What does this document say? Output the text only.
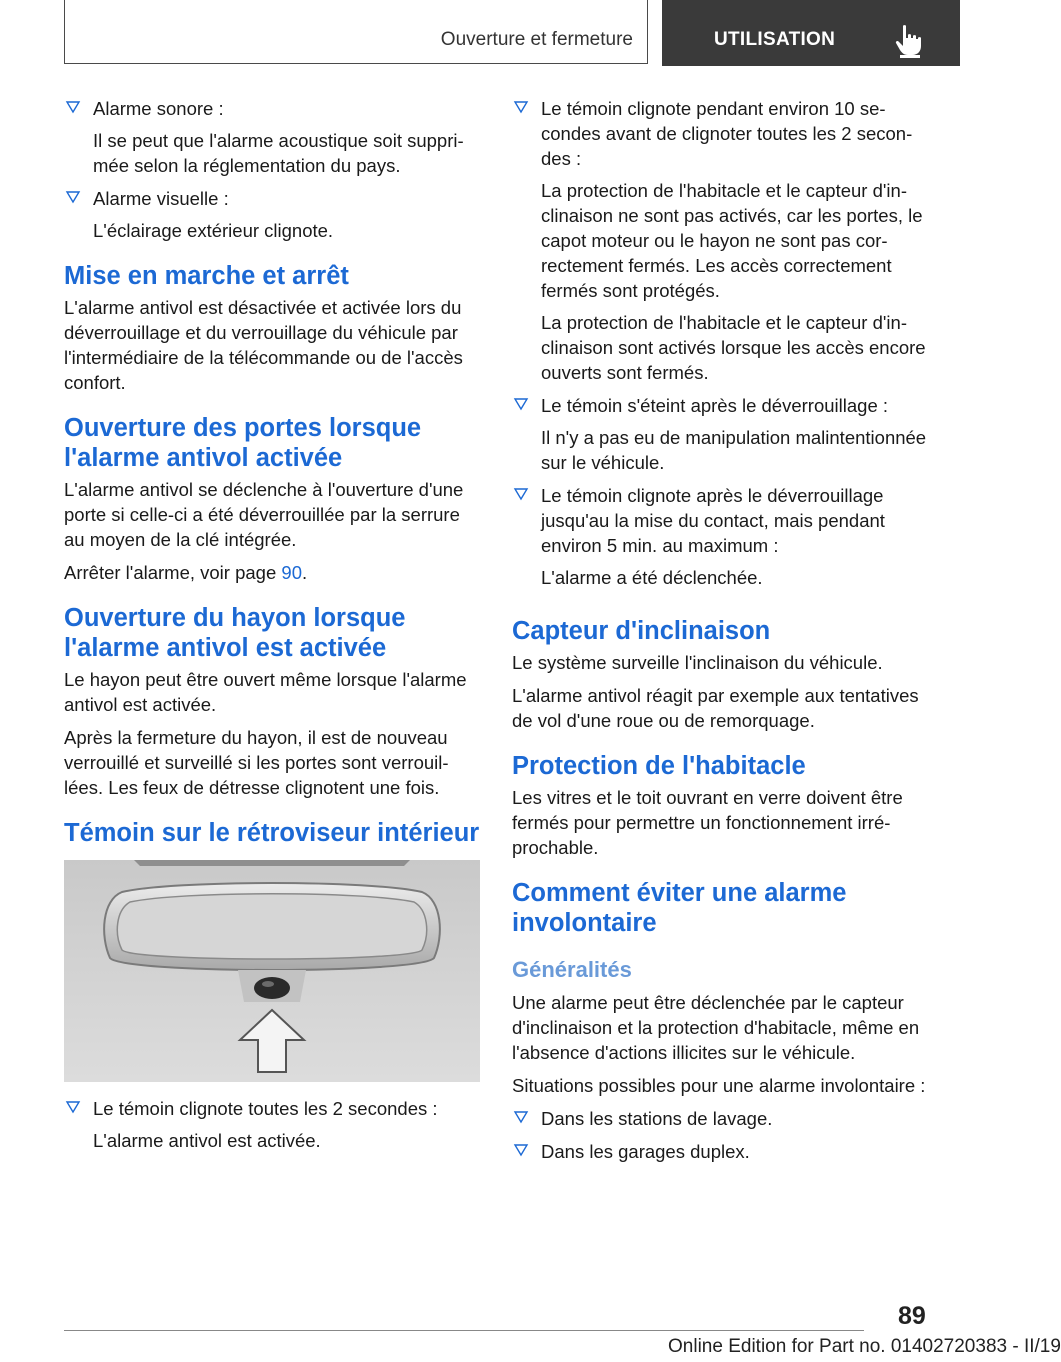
Ouverture et fermeture	UTILISATION

Alarme sonore :

Il se peut que l'alarme acoustique soit supprimée selon la réglementation du pays.

Alarme visuelle :

L'éclairage extérieur clignote.

Mise en marche et arrêt

L'alarme antivol est désactivée et activée lors du déverrouillage et du verrouillage du véhicule par l'intermédiaire de la télécommande ou de l'accès confort.

Ouverture des portes lorsque l'alarme antivol activée

L'alarme antivol se déclenche à l'ouverture d'une porte si celle-ci a été déverrouillée par la serrure au moyen de la clé intégrée.

Arrêter l'alarme, voir page 90.

Ouverture du hayon lorsque l'alarme antivol est activée

Le hayon peut être ouvert même lorsque l'alarme antivol est activée.

Après la fermeture du hayon, il est de nouveau verrouillé et surveillé si les portes sont verrouillées. Les feux de détresse clignotent une fois.

Témoin sur le rétroviseur intérieur

Le témoin clignote toutes les 2 secondes :

L'alarme antivol est activée.

Le témoin clignote pendant environ 10 secondes avant de clignoter toutes les 2 secondes :

La protection de l'habitacle et le capteur d'inclinaison ne sont pas activés, car les portes, le capot moteur ou le hayon ne sont pas correctement fermés. Les accès correctement fermés sont protégés.

La protection de l'habitacle et le capteur d'inclinaison sont activés lorsque les accès encore ouverts sont fermés.

Le témoin s'éteint après le déverrouillage :

Il n'y a pas eu de manipulation malintentionnée sur le véhicule.

Le témoin clignote après le déverrouillage jusqu'au la mise du contact, mais pendant environ 5 min. au maximum :

L'alarme a été déclenchée.

Capteur d'inclinaison

Le système surveille l'inclinaison du véhicule.

L'alarme antivol réagit par exemple aux tentatives de vol d'une roue ou de remorquage.

Protection de l'habitacle

Les vitres et le toit ouvrant en verre doivent être fermés pour permettre un fonctionnement irréprochable.

Comment éviter une alarme involontaire
Généralités

Une alarme peut être déclenchée par le capteur d'inclinaison et la protection d'habitacle, même en l'absence d'actions illicites sur le véhicule.

Situations possibles pour une alarme involontaire :

Dans les stations de lavage.

Dans les garages duplex.

89
Online Edition for Part no. 01402720383 - II/19
